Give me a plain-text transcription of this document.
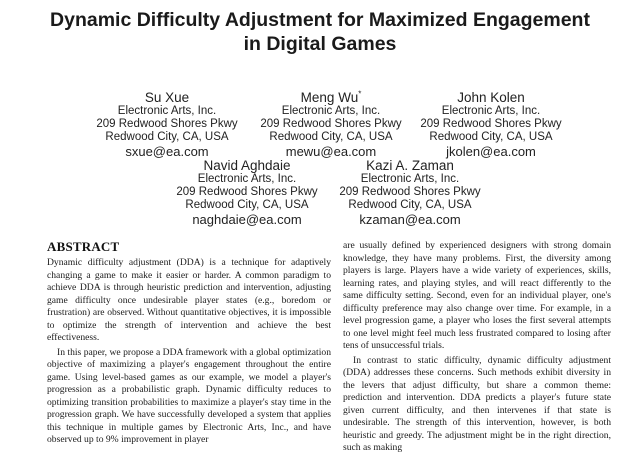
Dynamic Difficulty Adjustment for Maximized Engagement
in Digital Games
Su Xue
Electronic Arts, Inc.
209 Redwood Shores Pkwy
Redwood City, CA, USA
sxue@ea.com
Meng Wu*
Electronic Arts, Inc.
209 Redwood Shores Pkwy
Redwood City, CA, USA
mewu@ea.com
John Kolen
Electronic Arts, Inc.
209 Redwood Shores Pkwy
Redwood City, CA, USA
jkolen@ea.com
Navid Aghdaie
Electronic Arts, Inc.
209 Redwood Shores Pkwy
Redwood City, CA, USA
naghdaie@ea.com
Kazi A. Zaman
Electronic Arts, Inc.
209 Redwood Shores Pkwy
Redwood City, CA, USA
kzaman@ea.com
ABSTRACT

Dynamic difficulty adjustment (DDA) is a technique for adaptively changing a game to make it easier or harder. A common paradigm to achieve DDA is through heuristic prediction and intervention, adjusting game difficulty once undesirable player states (e.g., boredom or frustration) are observed. Without quantitative objectives, it is impossible to optimize the strength of intervention and achieve the best effectiveness.

In this paper, we propose a DDA framework with a global optimization objective of maximizing a player's engagement throughout the entire game. Using level-based games as our example, we model a player's progression as a probabilistic graph. Dynamic difficulty reduces to optimizing transition probabilities to maximize a player's stay time in the progression graph. We have successfully developed a system that applies this technique in multiple games by Electronic Arts, Inc., and have observed up to 9% improvement in player

are usually defined by experienced designers with strong domain knowledge, they have many problems. First, the diversity among players is large. Players have a wide variety of experiences, skills, learning rates, and playing styles, and will react differently to the same difficulty setting. Second, even for an individual player, one's difficulty preference may also change over time. For example, in a level progression game, a player who loses the first several attempts to one level might feel much less frustrated compared to losing after tens of unsuccessful trials.

In contrast to static difficulty, dynamic difficulty adjustment (DDA) addresses these concerns. Such methods exhibit diversity in the levers that adjust difficulty, but share a common theme: prediction and intervention. DDA predicts a player's future state given current difficulty, and then intervenes if that state is undesirable. The strength of this intervention, however, is both heuristic and greedy. The adjustment might be in the right direction, such as making
